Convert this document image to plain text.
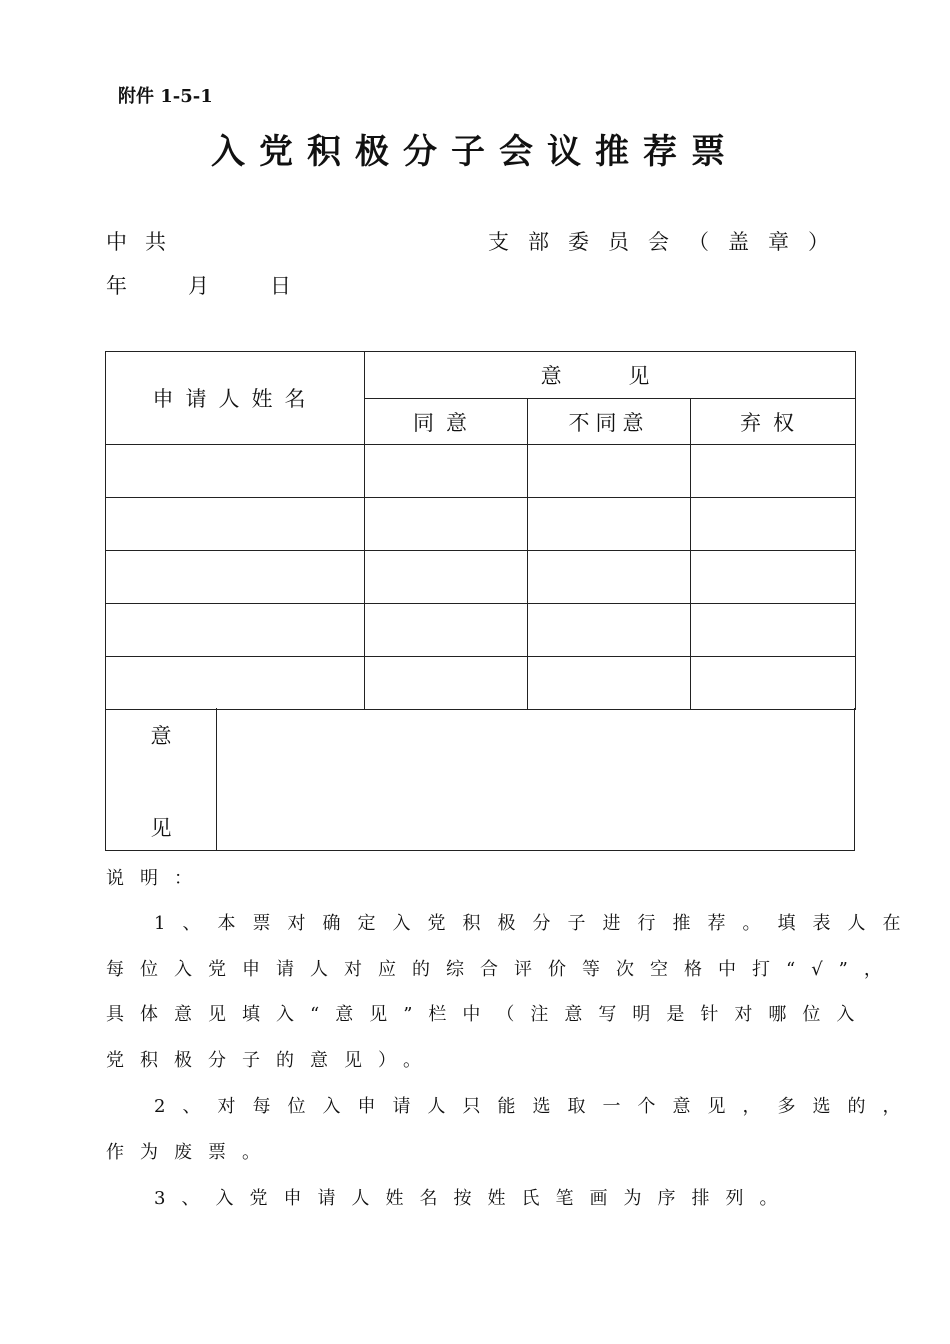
附件 1-5-1
入党积极分子会议推荐票
中共	支部委员会（盖章）
年 月 日
申请人姓名	意 见		
	同意	不同意	弃权

意
见
说明：
1、本票对确定入党积极分子进行推荐。填表人在
每位入党申请人对应的综合评价等次空格中打“√”，
具体意见填入“意见”栏中（注意写明是针对哪位入
党积极分子的意见）。
2、对每位入申请人只能选取一个意见，多选的，
作为废票。
3、入党申请人姓名按姓氏笔画为序排列。
